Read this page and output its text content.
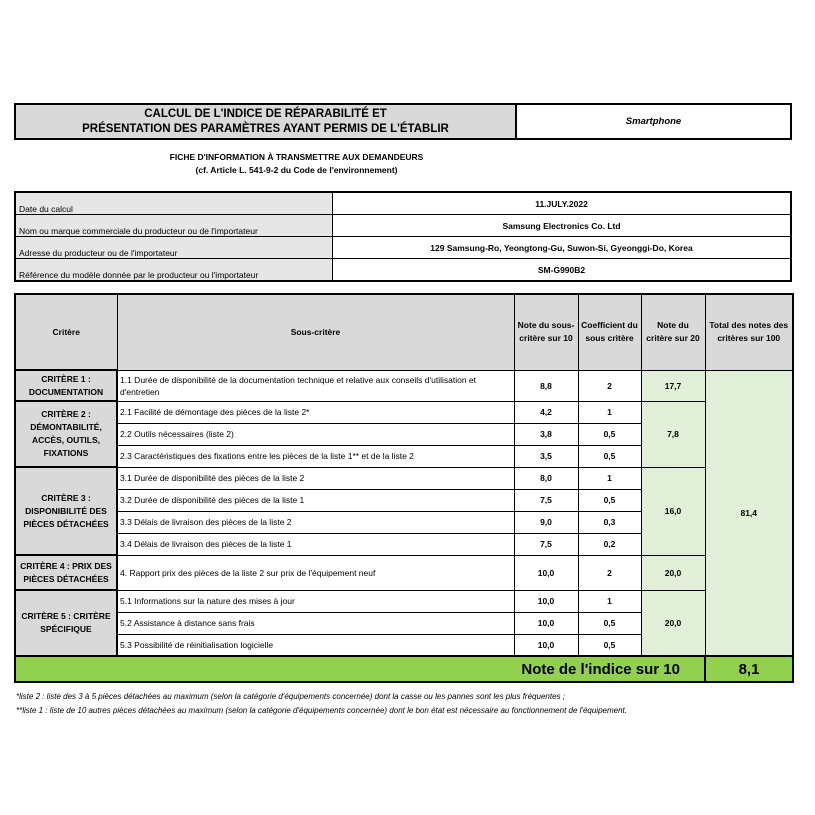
CALCUL DE L'INDICE DE RÉPARABILITÉ ET
PRÉSENTATION DES PARAMÈTRES AYANT PERMIS DE L'ÉTABLIR
Smartphone
FICHE D'INFORMATION À TRANSMETTRE AUX DEMANDEURS
(cf. Article L. 541-9-2 du Code de l'environnement)
Date du calcul	11.JULY.2022
Nom ou marque commerciale du producteur ou de l'importateur	Samsung Electronics Co. Ltd
Adresse du producteur ou de l'importateur	129 Samsung-Ro, Yeongtong-Gu, Suwon-Si, Gyeonggi-Do, Korea
Référence du modèle donnée par le producteur ou l'importateur	SM-G990B2
Critère	Sous-critère	Note du sous-critère sur 10	Coefficient du sous critère	Note du critère sur 20	Total des notes des critères sur 100
CRITÈRE 1 : DOCUMENTATION	1.1 Durée de disponibilité de la documentation technique et relative aux conseils d'utilisation et d'entretien	8,8	2	17,7	81,4
CRITÈRE 2 : DÉMONTABILITÉ, ACCÈS, OUTILS, FIXATIONS	2.1 Facilité de démontage des pièces de la liste 2*	4,2	1	7,8	
	2.2 Outils nécessaires (liste 2)	3,8	0,5		
	2.3 Caractéristiques des fixations entre les pièces de la liste 1** et de la liste 2	3,5	0,5		
CRITÈRE 3 : DISPONIBILITÉ DES PIÈCES DÉTACHÉES	3.1 Durée de disponibilité des pièces de la liste 2	8,0	1	16,0	
	3.2 Durée de disponibilité des pièces de la liste 1	7,5	0,5		
	3.3 Délais de livraison des pièces de la liste 2	9,0	0,3		
	3.4 Délais de livraison des pièces de la liste 1	7,5	0,2		
CRITÈRE 4 : PRIX DES PIÈCES DÉTACHÉES	4. Rapport prix des pièces de la liste 2 sur prix de l'équipement neuf	10,0	2	20,0	
CRITÈRE 5 : CRITÈRE SPÉCIFIQUE	5.1 Informations sur la nature des mises à jour	10,0	1	20,0	
	5.2 Assistance à distance sans frais	10,0	0,5		
	5.3 Possibilité de réinitialisation logicielle	10,0	0,5		
Note de l'indice sur 10					8,1
*liste 2 : liste des 3 à 5 pièces détachées au maximum (selon la catégorie d'équipements concernée) dont la casse ou les pannes sont les plus fréquentes ;
**liste 1 : liste de 10 autres pièces détachées au maximum (selon la catégorie d'équipements concernée) dont le bon état est nécessaire au fonctionnement de l'équipement.
